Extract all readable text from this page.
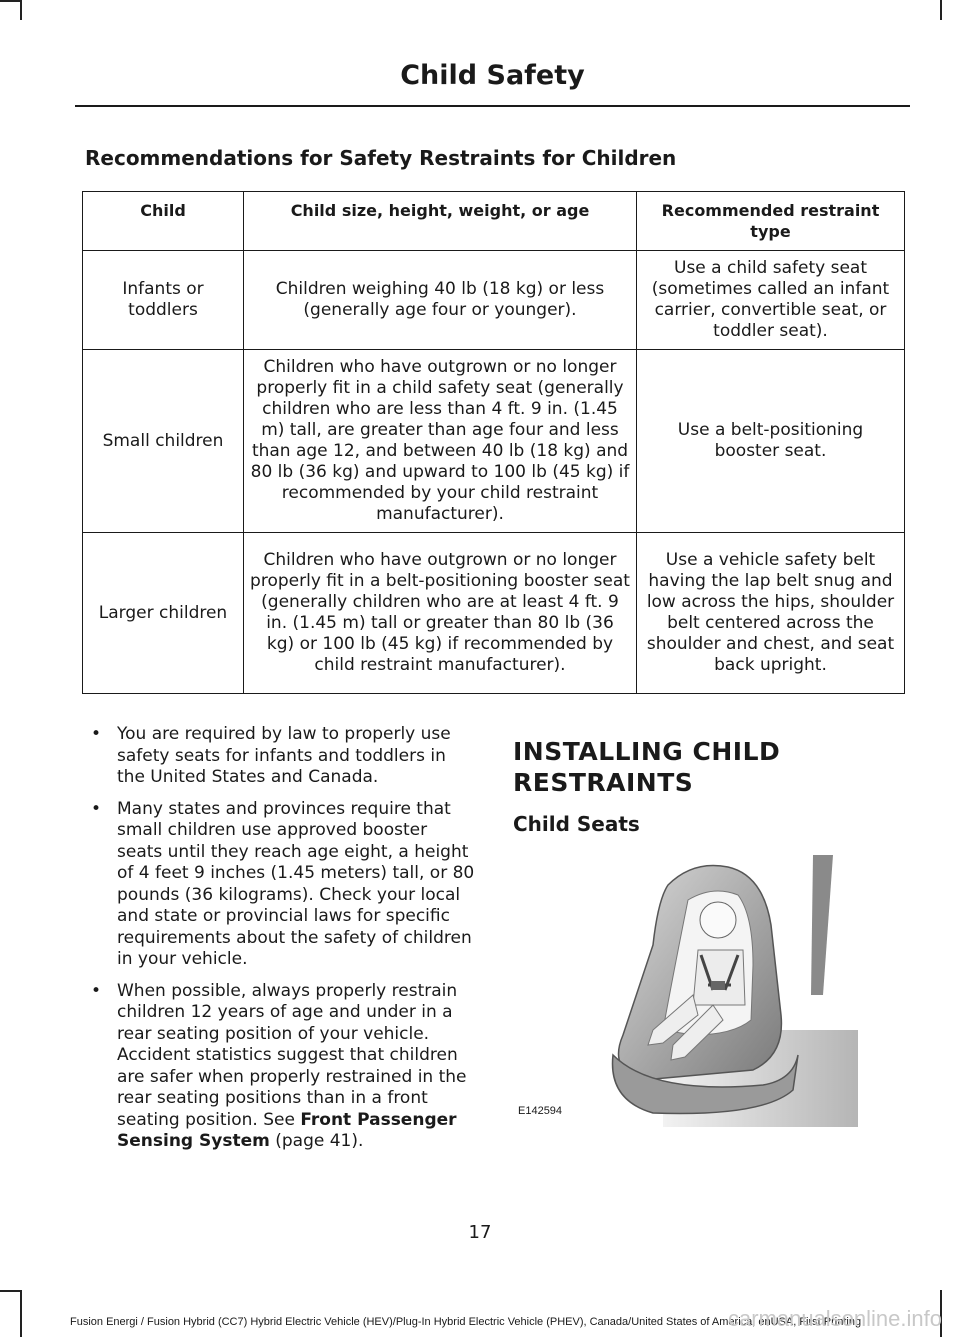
Child Safety
Recommendations for Safety Restraints for Children
Child	Child size, height, weight, or age	Recommended restraint type
Infants or toddlers	Children weighing 40 lb (18 kg) or less (generally age four or younger).	Use a child safety seat (sometimes called an infant carrier, convertible seat, or toddler seat).
Small children	Children who have outgrown or no longer properly fit in a child safety seat (generally children who are less than 4 ft. 9 in. (1.45 m) tall, are greater than age four and less than age 12, and between 40 lb (18 kg) and 80 lb (36 kg) and upward to 100 lb (45 kg) if recommended by your child restraint manufacturer).	Use a belt-positioning booster seat.
Larger children	Children who have outgrown or no longer properly fit in a belt-positioning booster seat (generally children who are at least 4 ft. 9 in. (1.45 m) tall or greater than 80 lb (36 kg) or 100 lb (45 kg) if recommended by child restraint manufacturer).	Use a vehicle safety belt having the lap belt snug and low across the hips, shoulder belt centered across the shoulder and chest, and seat back upright.
• You are required by law to properly use safety seats for infants and toddlers in the United States and Canada.
• Many states and provinces require that small children use approved booster seats until they reach age eight, a height of 4 feet 9 inches (1.45 meters) tall, or 80 pounds (36 kilograms). Check your local and state or provincial laws for specific requirements about the safety of children in your vehicle.
• When possible, always properly restrain children 12 years of age and under in a rear seating position of your vehicle. Accident statistics suggest that children are safer when properly restrained in the rear seating positions than in a front seating position. See Front Passenger Sensing System (page 41).
INSTALLING CHILD RESTRAINTS
Child Seats
E142594
17
Fusion Energi / Fusion Hybrid (CC7) Hybrid Electric Vehicle (HEV)/Plug-In Hybrid Electric Vehicle (PHEV), Canada/United States of America, enUSA, First Printing
carmanualsonline.info
